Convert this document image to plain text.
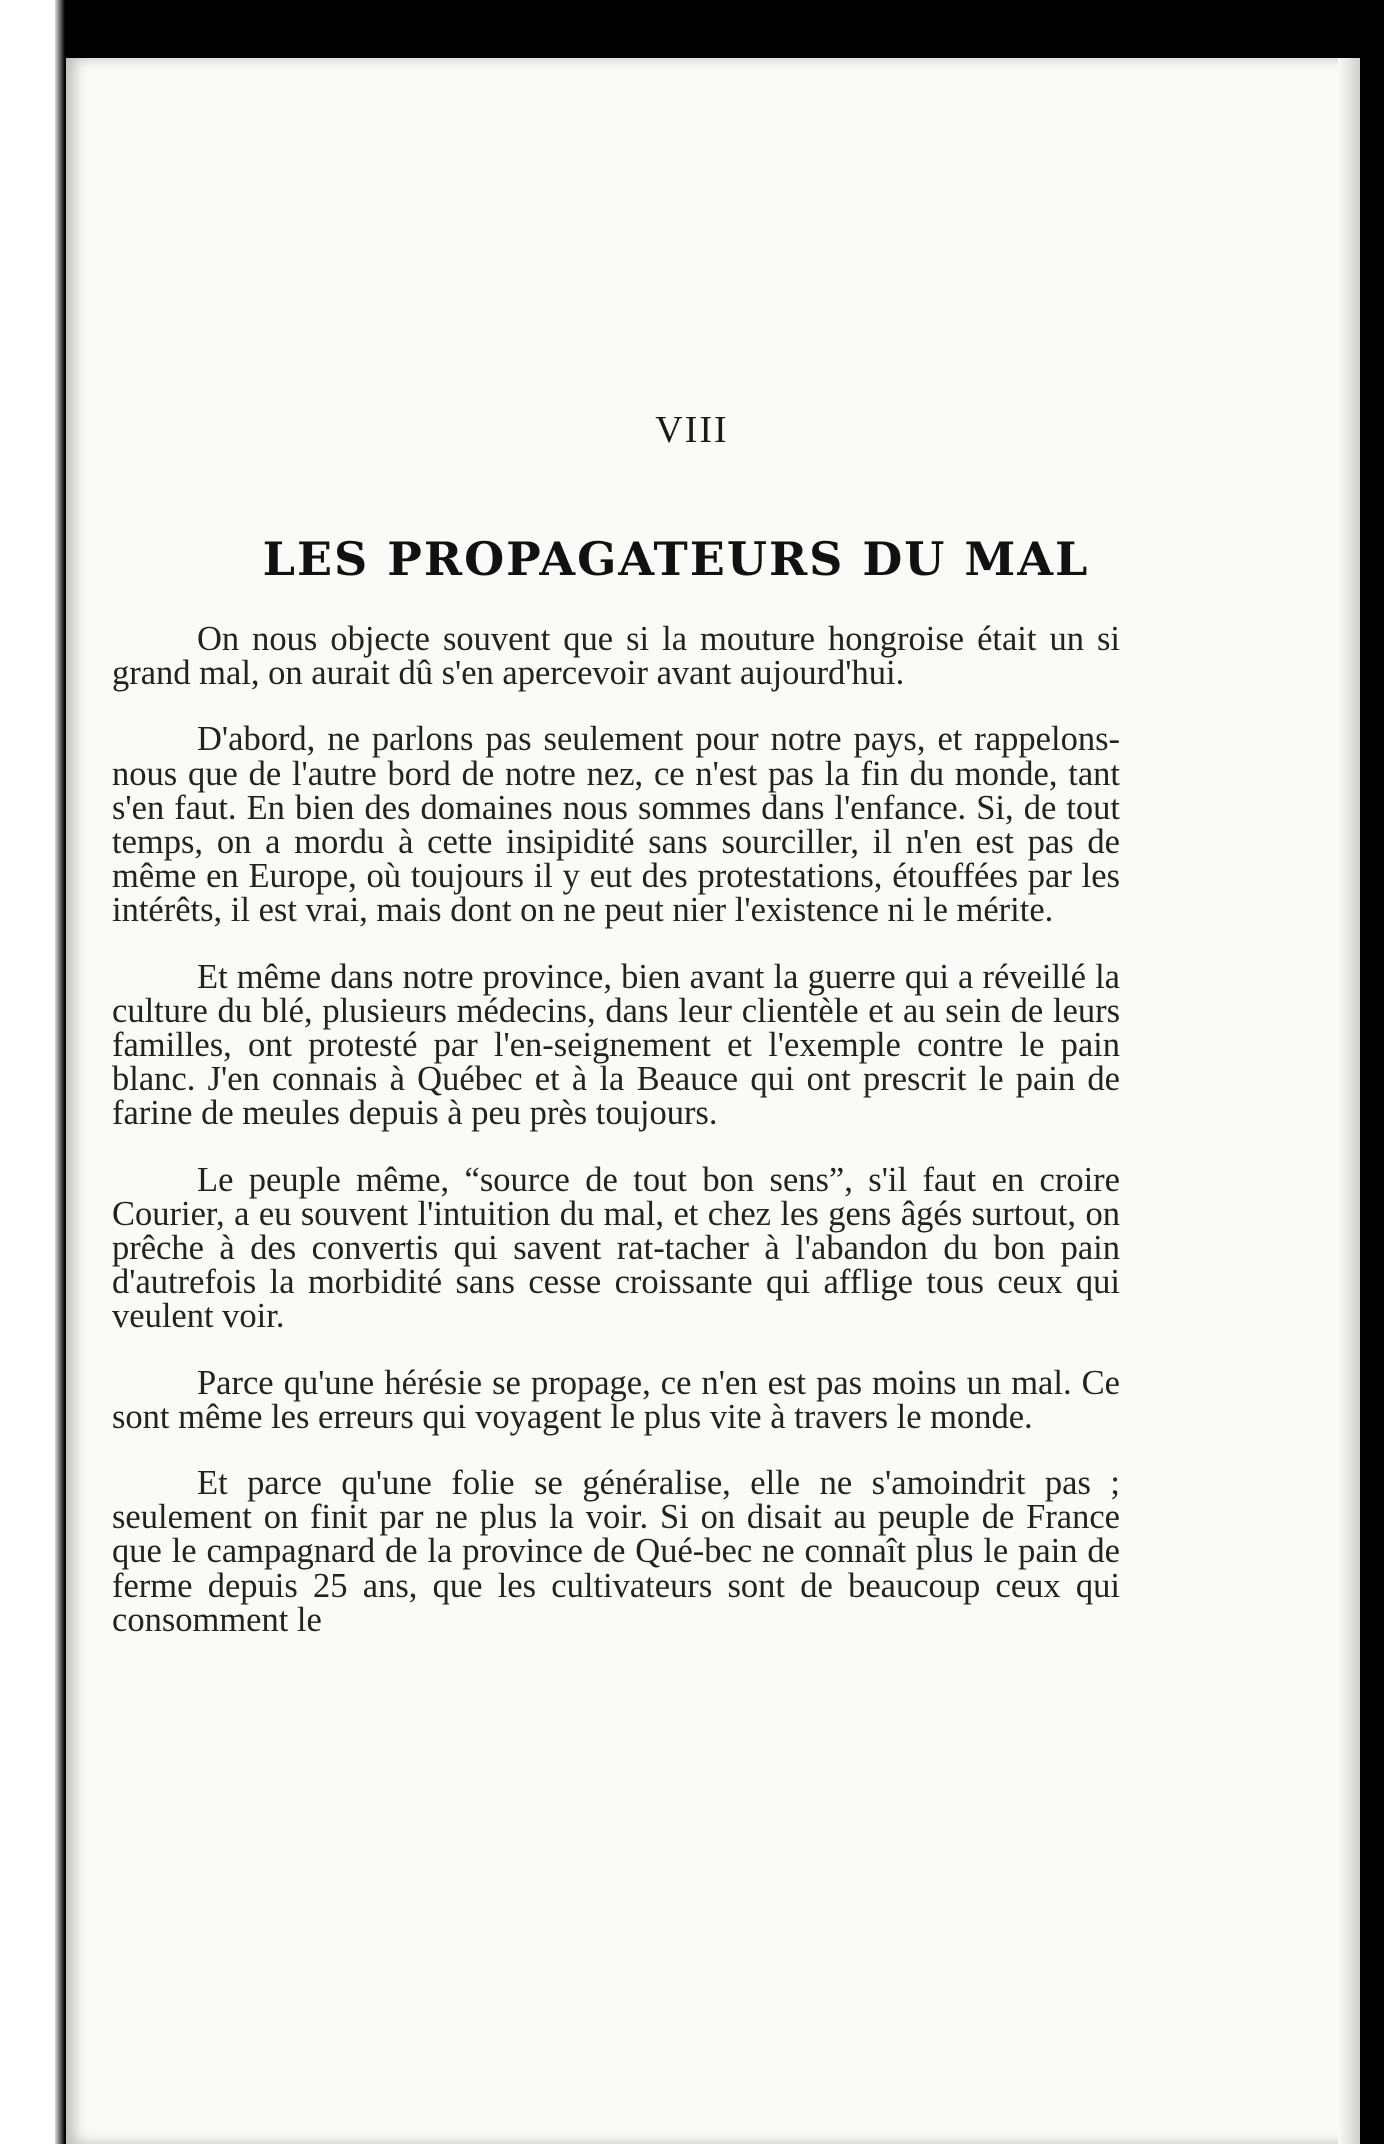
VIII
LES PROPAGATEURS DU MAL

On nous objecte souvent que si la mouture hongroise était un si grand mal, on aurait dû s'en apercevoir avant aujourd'hui.

D'abord, ne parlons pas seulement pour notre pays, et rappelons-nous que de l'autre bord de notre nez, ce n'est pas la fin du monde, tant s'en faut. En bien des domaines nous sommes dans l'enfance. Si, de tout temps, on a mordu à cette insipidité sans sourciller, il n'en est pas de même en Europe, où toujours il y eut des protestations, étouffées par les intérêts, il est vrai, mais dont on ne peut nier l'existence ni le mérite.

Et même dans notre province, bien avant la guerre qui a réveillé la culture du blé, plusieurs médecins, dans leur clientèle et au sein de leurs familles, ont protesté par l'en-seignement et l'exemple contre le pain blanc. J'en connais à Québec et à la Beauce qui ont prescrit le pain de farine de meules depuis à peu près toujours.

Le peuple même, “source de tout bon sens”, s'il faut en croire Courier, a eu souvent l'intuition du mal, et chez les gens âgés surtout, on prêche à des convertis qui savent rat-tacher à l'abandon du bon pain d'autrefois la morbidité sans cesse croissante qui afflige tous ceux qui veulent voir.

Parce qu'une hérésie se propage, ce n'en est pas moins un mal. Ce sont même les erreurs qui voyagent le plus vite à travers le monde.

Et parce qu'une folie se généralise, elle ne s'amoindrit pas ; seulement on finit par ne plus la voir. Si on disait au peuple de France que le campagnard de la province de Qué-bec ne connaît plus le pain de ferme depuis 25 ans, que les cultivateurs sont de beaucoup ceux qui consomment le
